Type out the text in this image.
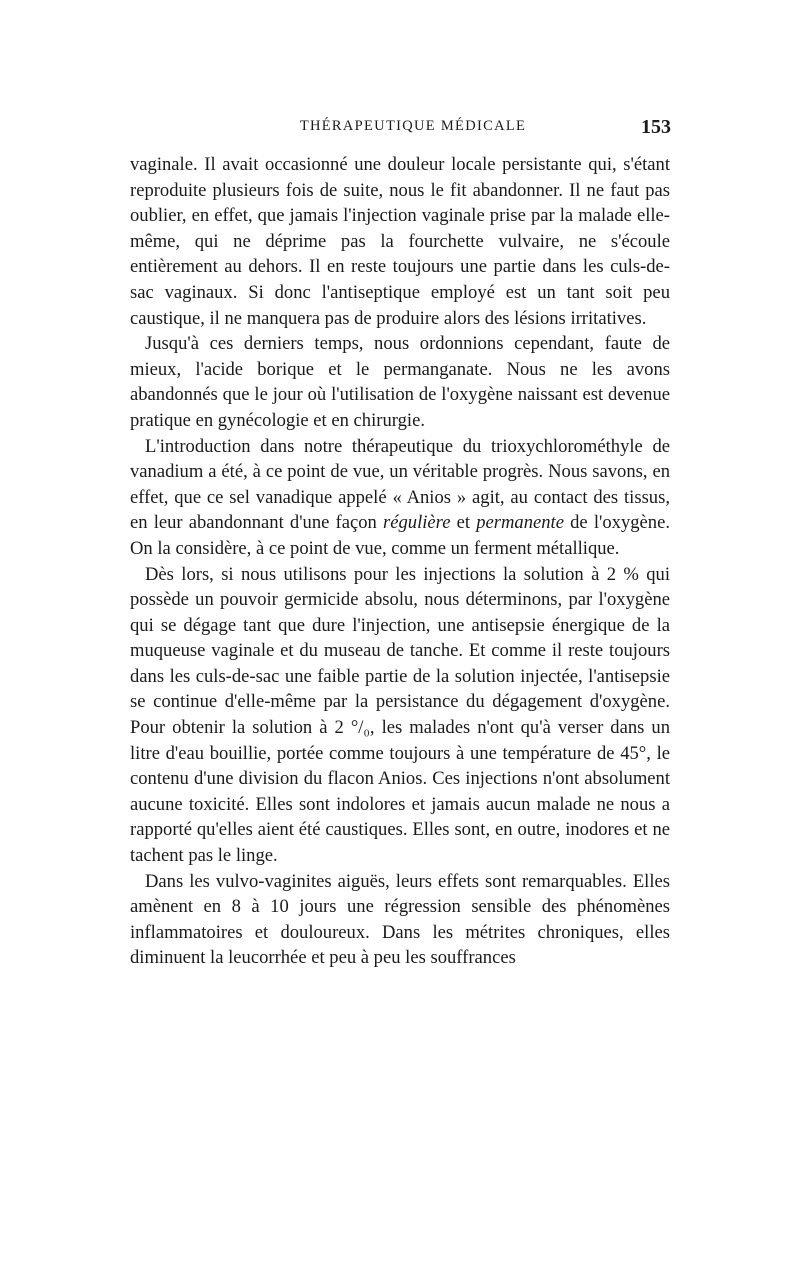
THÉRAPEUTIQUE MÉDICALE	153

vaginale. Il avait occasionné une douleur locale persistante qui, s'étant reproduite plusieurs fois de suite, nous le fit abandonner. Il ne faut pas oublier, en effet, que jamais l'injection vaginale prise par la malade elle-même, qui ne déprime pas la fourchette vulvaire, ne s'écoule entièrement au dehors. Il en reste toujours une partie dans les culs-de-sac vaginaux. Si donc l'antiseptique employé est un tant soit peu caustique, il ne manquera pas de produire alors des lésions irritatives.

Jusqu'à ces derniers temps, nous ordonnions cependant, faute de mieux, l'acide borique et le permanganate. Nous ne les avons abandonnés que le jour où l'utilisation de l'oxygène naissant est devenue pratique en gynécologie et en chirurgie.

L'introduction dans notre thérapeutique du trioxychlorométhyle de vanadium a été, à ce point de vue, un véritable progrès. Nous savons, en effet, que ce sel vanadique appelé « Anios » agit, au contact des tissus, en leur abandonnant d'une façon régulière et permanente de l'oxygène. On la considère, à ce point de vue, comme un ferment métallique.

Dès lors, si nous utilisons pour les injections la solution à 2 % qui possède un pouvoir germicide absolu, nous déterminons, par l'oxygène qui se dégage tant que dure l'injection, une antisepsie énergique de la muqueuse vaginale et du museau de tanche. Et comme il reste toujours dans les culs-de-sac une faible partie de la solution injectée, l'antisepsie se continue d'elle-même par la persistance du dégagement d'oxygène. Pour obtenir la solution à 2 °/₀, les malades n'ont qu'à verser dans un litre d'eau bouillie, portée comme toujours à une température de 45°, le contenu d'une division du flacon Anios. Ces injections n'ont absolument aucune toxicité. Elles sont indolores et jamais aucun malade ne nous a rapporté qu'elles aient été caustiques. Elles sont, en outre, inodores et ne tachent pas le linge.

Dans les vulvo-vaginites aiguës, leurs effets sont remarquables. Elles amènent en 8 à 10 jours une régression sensible des phénomènes inflammatoires et douloureux. Dans les métrites chroniques, elles diminuent la leucorrhée et peu à peu les souffrances
